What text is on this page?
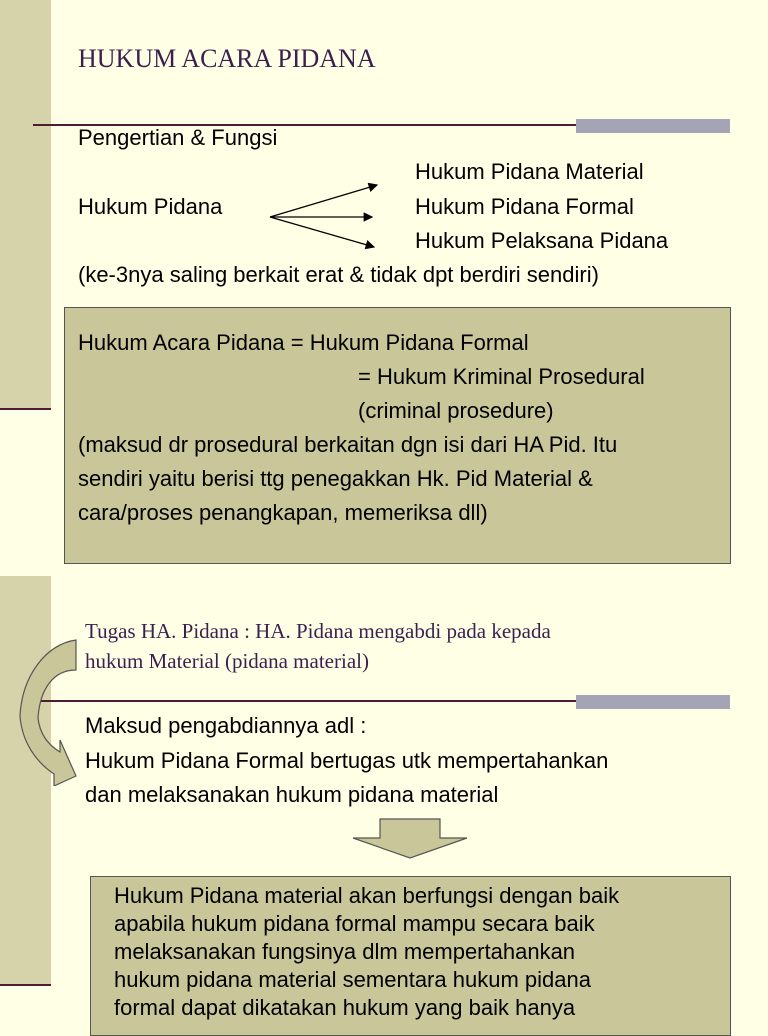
HUKUM ACARA PIDANA
Pengertian & Fungsi
Hukum Pidana
Hukum Pidana Material
Hukum Pidana Formal
Hukum Pelaksana Pidana
(ke-3nya saling berkait erat & tidak dpt berdiri sendiri)
Hukum Acara Pidana = Hukum Pidana Formal
= Hukum Kriminal Prosedural
(criminal prosedure)
(maksud dr prosedural berkaitan dgn isi dari HA Pid. Itu
sendiri yaitu berisi ttg penegakkan Hk. Pid Material &
cara/proses penangkapan, memeriksa dll)
Tugas HA. Pidana : HA. Pidana mengabdi pada kepada
hukum Material (pidana material)
Maksud pengabdiannya adl :
Hukum Pidana Formal bertugas utk mempertahankan
dan melaksanakan hukum pidana material
Hukum Pidana material akan berfungsi dengan baik
apabila hukum pidana formal mampu secara baik
melaksanakan fungsinya dlm mempertahankan
hukum pidana material sementara hukum pidana
formal dapat dikatakan hukum yang baik hanya
